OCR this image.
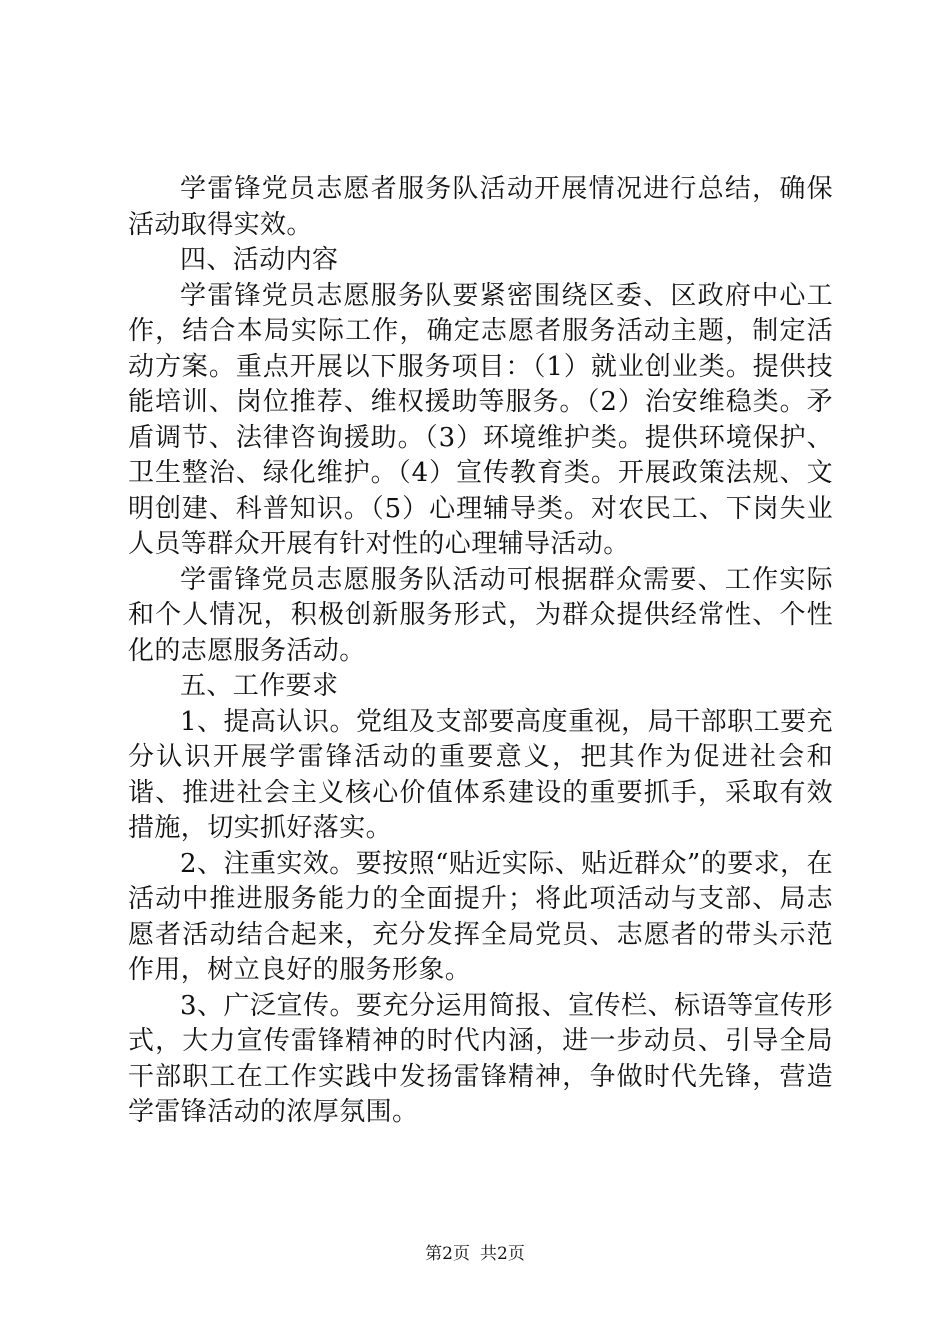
学雷锋党员志愿者服务队活动开展情况进行总结，确保活动取得实效。

四、活动内容

学雷锋党员志愿服务队要紧密围绕区委、区政府中心工作，结合本局实际工作，确定志愿者服务活动主题，制定活动方案。重点开展以下服务项目：（1）就业创业类。提供技能培训、岗位推荐、维权援助等服务。（2）治安维稳类。矛盾调节、法律咨询援助。（3）环境维护类。提供环境保护、卫生整治、绿化维护。（4）宣传教育类。开展政策法规、文明创建、科普知识。（5）心理辅导类。对农民工、下岗失业人员等群众开展有针对性的心理辅导活动。

学雷锋党员志愿服务队活动可根据群众需要、工作实际和个人情况，积极创新服务形式，为群众提供经常性、个性化的志愿服务活动。

五、工作要求

1、提高认识。党组及支部要高度重视，局干部职工要充分认识开展学雷锋活动的重要意义，把其作为促进社会和谐、推进社会主义核心价值体系建设的重要抓手，采取有效措施，切实抓好落实。

2、注重实效。要按照“贴近实际、贴近群众”的要求，在活动中推进服务能力的全面提升；将此项活动与支部、局志愿者活动结合起来，充分发挥全局党员、志愿者的带头示范作用，树立良好的服务形象。

3、广泛宣传。要充分运用简报、宣传栏、标语等宣传形式，大力宣传雷锋精神的时代内涵，进一步动员、引导全局干部职工在工作实践中发扬雷锋精神，争做时代先锋，营造学雷锋活动的浓厚氛围。

第2页 共2页
